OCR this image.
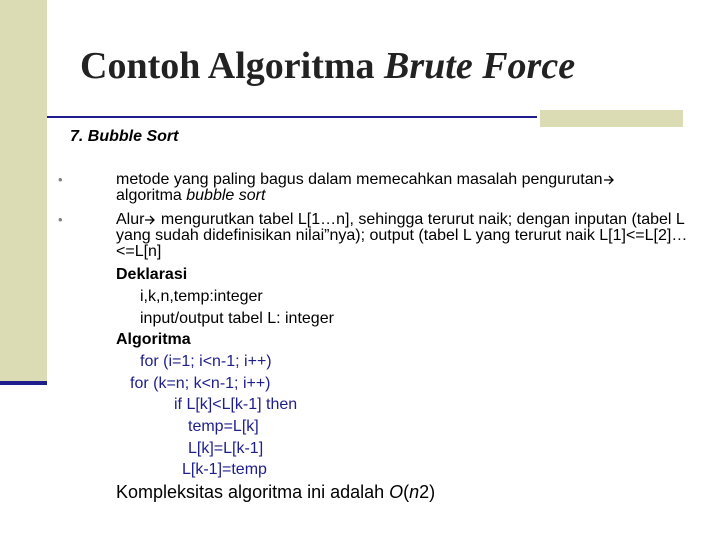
Contoh Algoritma Brute Force
7. Bubble Sort
•	metode yang paling bagus dalam memecahkan masalah pengurutan

algoritma bubble sort
•	Alur
mengurutkan tabel L[1…n], sehingga terurut naik; dengan inputan (tabel L yang sudah didefinisikan nilai”nya); output (tabel L yang terurut naik L[1]<=L[2]…<=L[n]
Deklarasi
i,k,n,temp:integer
input/output tabel L: integer
Algoritma
for (i=1; i<n-1; i++)
for (k=n; k<n-1; i++)
if L[k]<L[k-1] then
temp=L[k]
L[k]=L[k-1]
L[k-1]=temp
Kompleksitas algoritma ini adalah O(n2)
